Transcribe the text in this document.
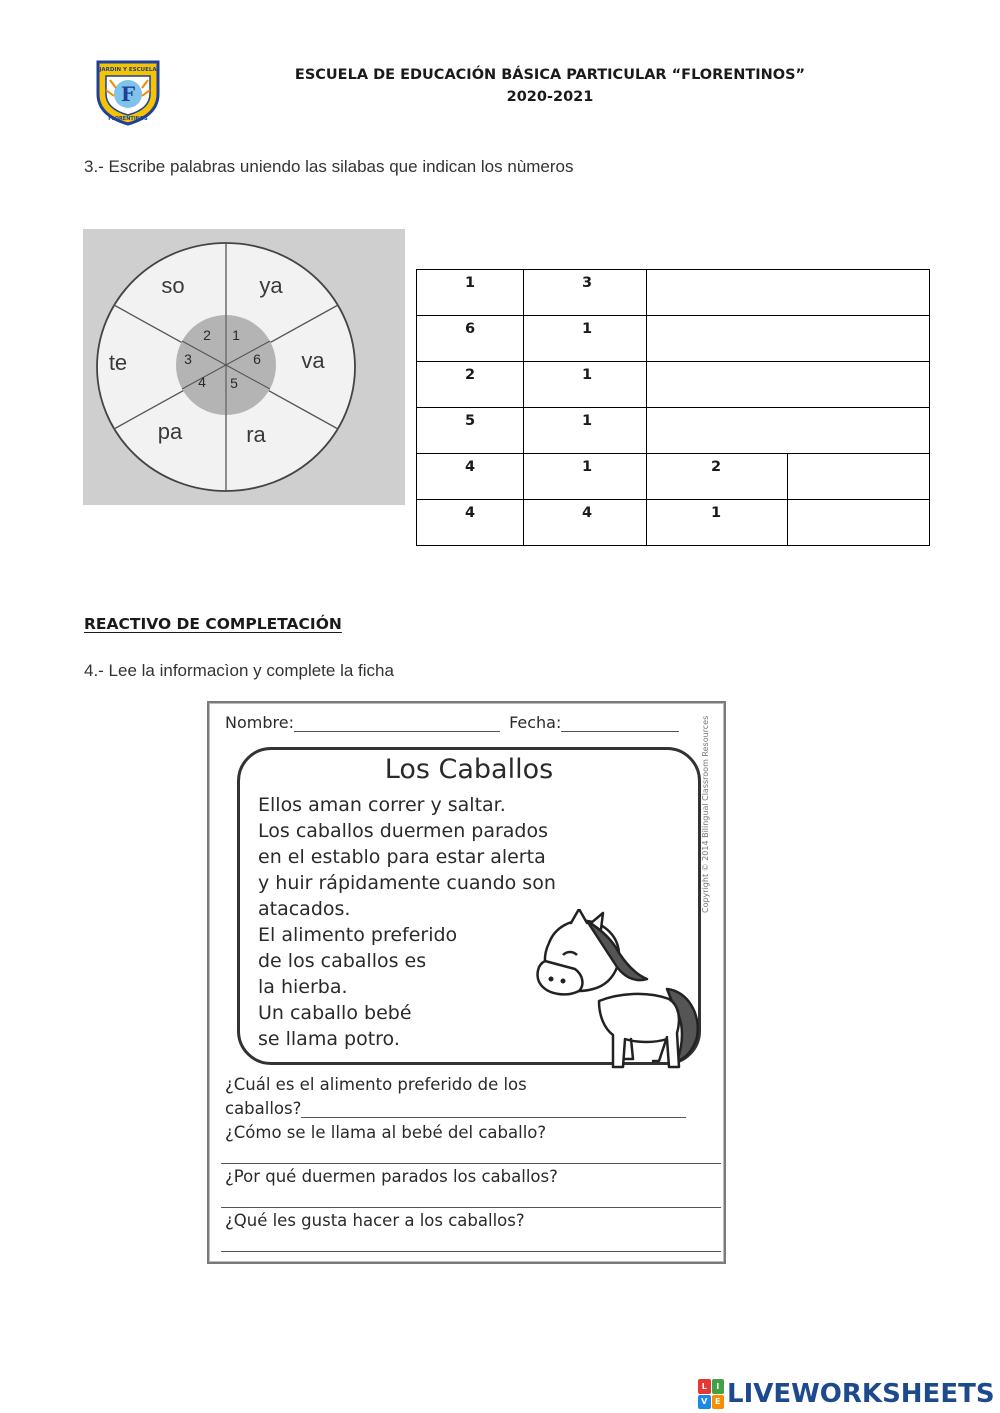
F
JARDIN Y ESCUELA
FLORENTINOS
ESCUELA DE EDUCACIÓN BÁSICA PARTICULAR “FLORENTINOS”
2020-2021
3.- Escribe palabras uniendo las silabas que indican los nùmeros
so	ya
te	va
pa	ra
2 1
3	6
4 5
1	3		
6	1		
2	1		
5	1		
4	1	2	
4	4	1	
REACTIVO DE COMPLETACIÓN
4.- Lee la informacìon y complete la ficha
Nombre:	Fecha:
Los Caballos
Ellos aman correr y saltar.
Los caballos duermen parados
en el establo para estar alerta
y huir rápidamente cuando son
atacados.
El alimento preferido
de los caballos es
la hierba.
Un caballo bebé
se llama potro.
Copyright © 2014 Bilingual Classroom Resources
¿Cuál es el alimento preferido de los
caballos?
¿Cómo se le llama al bebé del caballo?
¿Por qué duermen parados los caballos?
¿Qué les gusta hacer a los caballos?
L	I
V E LIVEWORKSHEETS
